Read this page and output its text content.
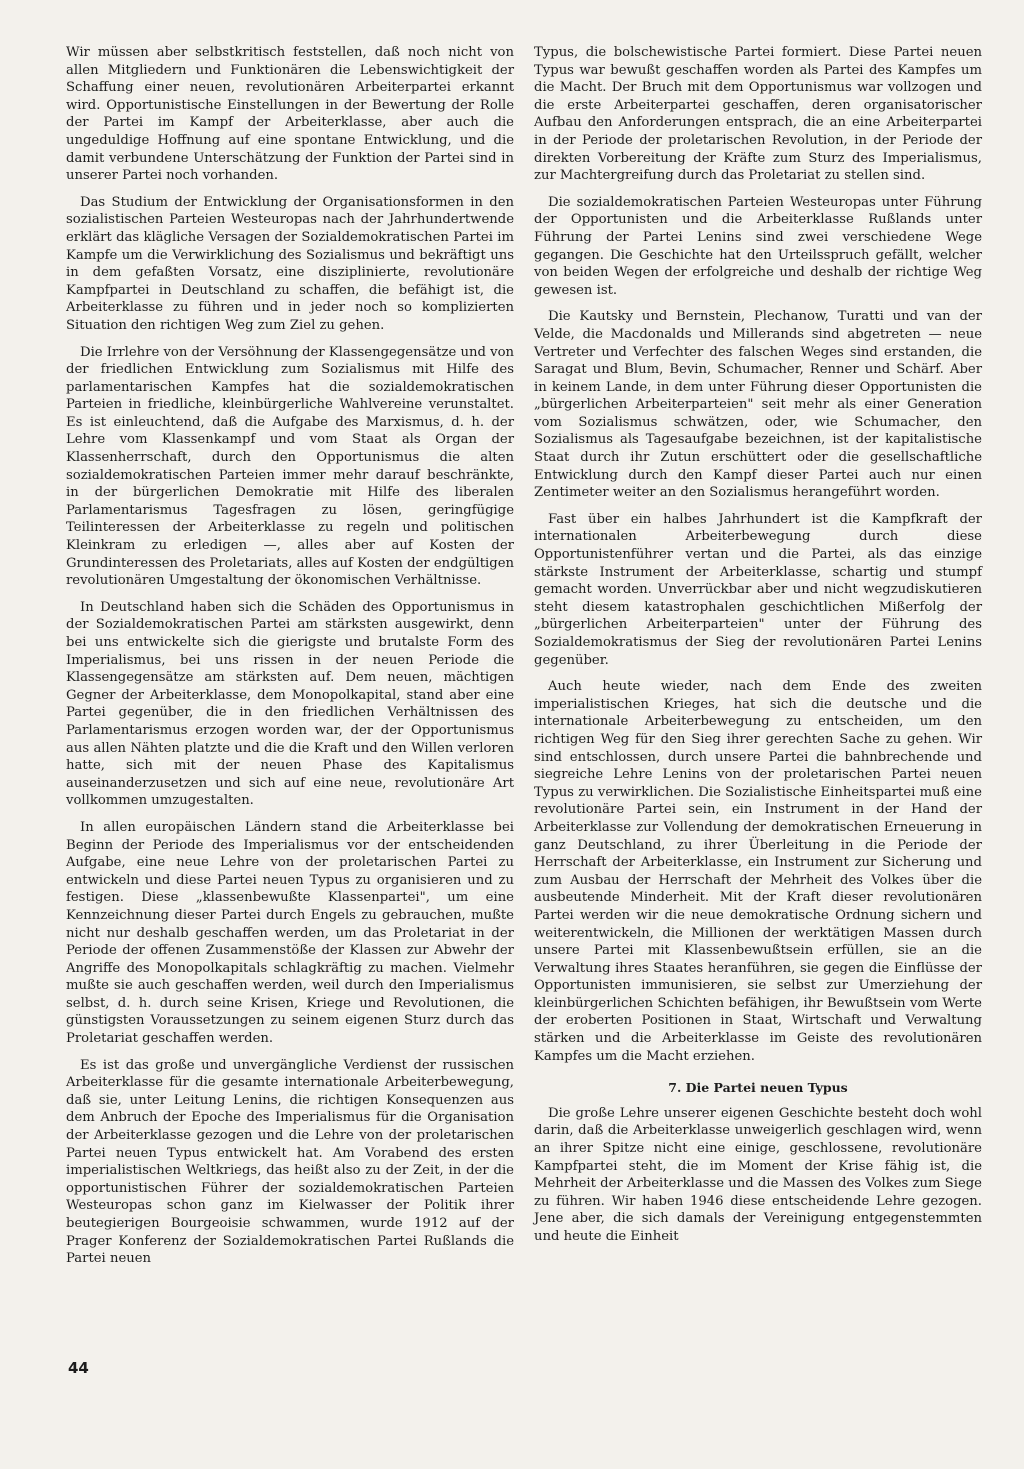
Wir müssen aber selbstkritisch feststellen, daß noch nicht von allen Mitgliedern und Funktionären die Lebenswichtigkeit der Schaffung einer neuen, revolutionären Arbeiterpartei erkannt wird. Opportunistische Einstellungen in der Bewertung der Rolle der Partei im Kampf der Arbeiterklasse, aber auch die ungeduldige Hoffnung auf eine spontane Entwicklung, und die damit verbundene Unterschätzung der Funktion der Partei sind in unserer Partei noch vorhanden.

Das Studium der Entwicklung der Organisationsformen in den sozialistischen Parteien Westeuropas nach der Jahrhundertwende erklärt das klägliche Versagen der Sozialdemokratischen Partei im Kampfe um die Verwirklichung des Sozialismus und bekräftigt uns in dem gefaßten Vorsatz, eine disziplinierte, revolutionäre Kampfpartei in Deutschland zu schaffen, die befähigt ist, die Arbeiterklasse zu führen und in jeder noch so komplizierten Situation den richtigen Weg zum Ziel zu gehen.

Die Irrlehre von der Versöhnung der Klassengegensätze und von der friedlichen Entwicklung zum Sozialismus mit Hilfe des parlamentarischen Kampfes hat die sozialdemokratischen Parteien in friedliche, kleinbürgerliche Wahlvereine verunstaltet. Es ist einleuchtend, daß die Aufgabe des Marxismus, d. h. der Lehre vom Klassenkampf und vom Staat als Organ der Klassenherrschaft, durch den Opportunismus die alten sozialdemokratischen Parteien immer mehr darauf beschränkte, in der bürgerlichen Demokratie mit Hilfe des liberalen Parlamentarismus Tagesfragen zu lösen, geringfügige Teilinteressen der Arbeiterklasse zu regeln und politischen Kleinkram zu erledigen —, alles aber auf Kosten der Grundinteressen des Proletariats, alles auf Kosten der endgültigen revolutionären Umgestaltung der ökonomischen Verhältnisse.

In Deutschland haben sich die Schäden des Opportunismus in der Sozialdemokratischen Partei am stärksten ausgewirkt, denn bei uns entwickelte sich die gierigste und brutalste Form des Imperialismus, bei uns rissen in der neuen Periode die Klassengegensätze am stärksten auf. Dem neuen, mächtigen Gegner der Arbeiterklasse, dem Monopolkapital, stand aber eine Partei gegenüber, die in den friedlichen Verhältnissen des Parlamentarismus erzogen worden war, der der Opportunismus aus allen Nähten platzte und die die Kraft und den Willen verloren hatte, sich mit der neuen Phase des Kapitalismus auseinanderzusetzen und sich auf eine neue, revolutionäre Art vollkommen umzugestalten.

In allen europäischen Ländern stand die Arbeiterklasse bei Beginn der Periode des Imperialismus vor der entscheidenden Aufgabe, eine neue Lehre von der proletarischen Partei zu entwickeln und diese Partei neuen Typus zu organisieren und zu festigen. Diese „klassenbewußte Klassenpartei", um eine Kennzeichnung dieser Partei durch Engels zu gebrauchen, mußte nicht nur deshalb geschaffen werden, um das Proletariat in der Periode der offenen Zusammenstöße der Klassen zur Abwehr der Angriffe des Monopolkapitals schlagkräftig zu machen. Vielmehr mußte sie auch geschaffen werden, weil durch den Imperialismus selbst, d. h. durch seine Krisen, Kriege und Revolutionen, die günstigsten Voraussetzungen zu seinem eigenen Sturz durch das Proletariat geschaffen werden.

Es ist das große und unvergängliche Verdienst der russischen Arbeiterklasse für die gesamte internationale Arbeiterbewegung, daß sie, unter Leitung Lenins, die richtigen Konsequenzen aus dem Anbruch der Epoche des Imperialismus für die Organisation der Arbeiterklasse gezogen und die Lehre von der proletarischen Partei neuen Typus entwickelt hat. Am Vorabend des ersten imperialistischen Weltkriegs, das heißt also zu der Zeit, in der die opportunistischen Führer der sozialdemokratischen Parteien Westeuropas schon ganz im Kielwasser der Politik ihrer beutegierigen Bourgeoisie schwammen, wurde 1912 auf der Prager Konferenz der Sozialdemokratischen Partei Rußlands die Partei neuen

Typus, die bolschewistische Partei formiert. Diese Partei neuen Typus war bewußt geschaffen worden als Partei des Kampfes um die Macht. Der Bruch mit dem Opportunismus war vollzogen und die erste Arbeiterpartei geschaffen, deren organisatorischer Aufbau den Anforderungen entsprach, die an eine Arbeiterpartei in der Periode der proletarischen Revolution, in der Periode der direkten Vorbereitung der Kräfte zum Sturz des Imperialismus, zur Machtergreifung durch das Proletariat zu stellen sind.

Die sozialdemokratischen Parteien Westeuropas unter Führung der Opportunisten und die Arbeiterklasse Rußlands unter Führung der Partei Lenins sind zwei verschiedene Wege gegangen. Die Geschichte hat den Urteilsspruch gefällt, welcher von beiden Wegen der erfolgreiche und deshalb der richtige Weg gewesen ist.

Die Kautsky und Bernstein, Plechanow, Turatti und van der Velde, die Macdonalds und Millerands sind abgetreten — neue Vertreter und Verfechter des falschen Weges sind erstanden, die Saragat und Blum, Bevin, Schumacher, Renner und Schärf. Aber in keinem Lande, in dem unter Führung dieser Opportunisten die „bürgerlichen Arbeiterparteien" seit mehr als einer Generation vom Sozialismus schwätzen, oder, wie Schumacher, den Sozialismus als Tagesaufgabe bezeichnen, ist der kapitalistische Staat durch ihr Zutun erschüttert oder die gesellschaftliche Entwicklung durch den Kampf dieser Partei auch nur einen Zentimeter weiter an den Sozialismus herangeführt worden.

Fast über ein halbes Jahrhundert ist die Kampfkraft der internationalen Arbeiterbewegung durch diese Opportunistenführer vertan und die Partei, als das einzige stärkste Instrument der Arbeiterklasse, schartig und stumpf gemacht worden. Unverrückbar aber und nicht wegzudiskutieren steht diesem katastrophalen geschichtlichen Mißerfolg der „bürgerlichen Arbeiterparteien" unter der Führung des Sozialdemokratismus der Sieg der revolutionären Partei Lenins gegenüber.

Auch heute wieder, nach dem Ende des zweiten imperialistischen Krieges, hat sich die deutsche und die internationale Arbeiterbewegung zu entscheiden, um den richtigen Weg für den Sieg ihrer gerechten Sache zu gehen. Wir sind entschlossen, durch unsere Partei die bahnbrechende und siegreiche Lehre Lenins von der proletarischen Partei neuen Typus zu verwirklichen. Die Sozialistische Einheitspartei muß eine revolutionäre Partei sein, ein Instrument in der Hand der Arbeiterklasse zur Vollendung der demokratischen Erneuerung in ganz Deutschland, zu ihrer Überleitung in die Periode der Herrschaft der Arbeiterklasse, ein Instrument zur Sicherung und zum Ausbau der Herrschaft der Mehrheit des Volkes über die ausbeutende Minderheit. Mit der Kraft dieser revolutionären Partei werden wir die neue demokratische Ordnung sichern und weiterentwickeln, die Millionen der werktätigen Massen durch unsere Partei mit Klassenbewußtsein erfüllen, sie an die Verwaltung ihres Staates heranführen, sie gegen die Einflüsse der Opportunisten immunisieren, sie selbst zur Umerziehung der kleinbürgerlichen Schichten befähigen, ihr Bewußtsein vom Werte der eroberten Positionen in Staat, Wirtschaft und Verwaltung stärken und die Arbeiterklasse im Geiste des revolutionären Kampfes um die Macht erziehen.

7. Die Partei neuen Typus

Die große Lehre unserer eigenen Geschichte besteht doch wohl darin, daß die Arbeiterklasse unweigerlich geschlagen wird, wenn an ihrer Spitze nicht eine einige, geschlossene, revolutionäre Kampfpartei steht, die im Moment der Krise fähig ist, die Mehrheit der Arbeiterklasse und die Massen des Volkes zum Siege zu führen. Wir haben 1946 diese entscheidende Lehre gezogen. Jene aber, die sich damals der Vereinigung entgegenstemmten und heute die Einheit

44
